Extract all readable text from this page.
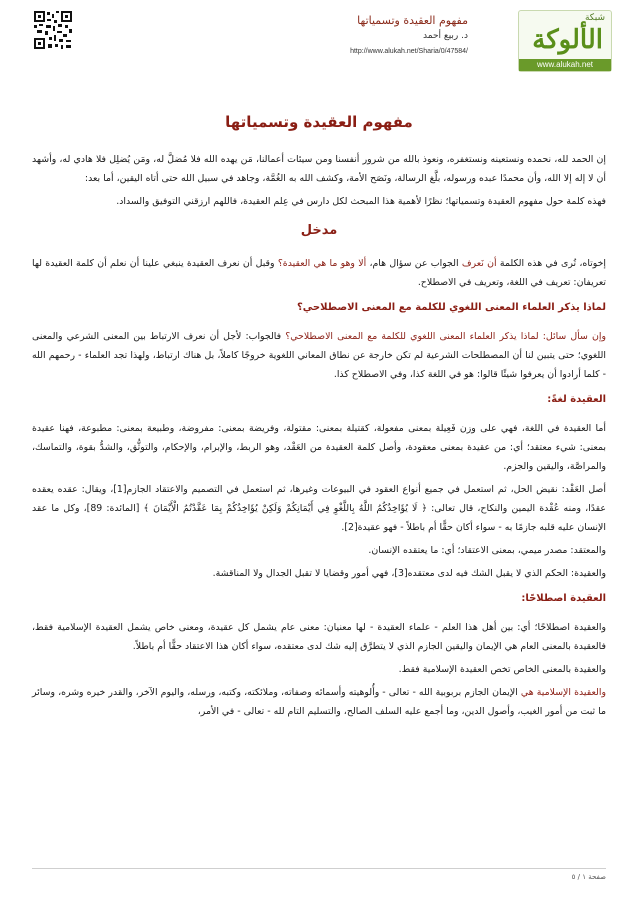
شبكة
الألوكة
www.alukah.net
مفهوم العقيدة وتسمياتها
د. ربيع أحمد
http://www.alukah.net/Sharia/0/47584/
مفهوم العقيدة وتسمياتها

إن الحمد لله، نحمده ونستعينه ونستغفره، ونعوذ بالله من شرور أنفسنا ومن سيئات أعمالنا، مَن يهده الله فلا مُضلَّ له، ومَن يُضلِل فلا هادي له، وأشهد أن لا إله إلا الله، وأن محمدًا عبده ورسوله، بلَّغ الرسالة، ونَصَح الأمة، وكشف الله به الغُمَّة، وجاهد في سبيل الله حتى أتاه اليقين، أما بعد:

فهذه كلمة حول مفهوم العقيدة وتسمياتها؛ نظرًا لأهمية هذا المبحث لكل دارس في عِلم العقيدة، فاللهم ارزقني التوفيق والسداد.

مدخل

إخوتاه، تُرى في هذه الكلمة أن نَعرف الجواب عن سؤال هام، ألا وهو ما هي العقيدة؟ وقبل أن نعرف العقيدة ينبغي علينا أن نعلم أن كلمة العقيدة لها تعريفان: تعريف في اللغة، وتعريف في الاصطلاح.

لماذا يذكر العلماء المعنى اللغوي للكلمة مع المعنى الاصطلاحي؟

وإن سأل سائل: لماذا يذكر العلماء المعنى اللغوي للكلمة مع المعنى الاصطلاحي؟ فالجواب: لأجل أن نعرف الارتباط بين المعنى الشرعي والمعنى اللغوي؛ حتى يتبين لنا أن المصطلحات الشرعية لم تكن خارجة عن نطاق المعاني اللغوية خروجًا كاملاً، بل هناك ارتباط، ولهذا تجد العلماء - رحمهم الله - كلما أرادوا أن يعرفوا شيئًا قالوا: هو في اللغة كذا، وفي الاصطلاح كذا.

العقيدة لغةً:

أما العقيدة في اللغة، فهي على وزن فَعِيلة بمعنى مفعولة، كقتيلة بمعنى: مقتولة، وفريضة بمعنى: مفروضة، وطبيعة بمعنى: مطبوعة، فهنا عقيدة بمعنى: شيء معتقد؛ أي: من عقيدة بمعنى معقودة، وأصل كلمة العقيدة من العَقْد، وهو الربط، والإبرام، والإحكام، والتوثُّق، والشدُّ بقوة، والتماسك، والمراصَّة، واليقين والجزم.

أصل العَقْد: نقيض الحل، ثم استعمل في جميع أنواع العقود في البيوعات وغيرها، ثم استعمل في التصميم والاعتقاد الجازم[1]، ويقال: عقده يعقده عقدًا، ومنه عُقْدة اليمين والنكاح، قال تعالى: ﴿ لَا يُؤَاخِذُكُمُ اللَّهُ بِاللَّغْوِ فِي أَيْمَانِكُمْ وَلَكِنْ يُؤَاخِذُكُمْ بِمَا عَقَّدْتُمُ الْأَيْمَانَ ﴾ [المائدة: 89]، وكل ما عقد الإنسان عليه قلبه جازمًا به - سواء أكان حقًّا أم باطلاً - فهو عقيدة[2].

والمعتقد: مصدر ميمي، بمعنى الاعتقاد؛ أي: ما يعتقده الإنسان.

والعقيدة: الحكم الذي لا يقبل الشك فيه لدى معتقده[3]، فهي أمور وقضايا لا تقبل الجدال ولا المناقشة.

العقيدة اصطلاحًا:

والعقيدة اصطلاحًا؛ أي: بين أهل هذا العلم - علماء العقيدة - لها معنيان: معنى عام يشمل كل عقيدة، ومعنى خاص يشمل العقيدة الإسلامية فقط، فالعقيدة بالمعنى العام هي الإيمان واليقين الجازم الذي لا يتطرَّق إليه شك لدى معتقده، سواء أكان هذا الاعتقاد حقًّا أم باطلاً.

والعقيدة بالمعنى الخاص تخص العقيدة الإسلامية فقط.

والعقيدة الإسلامية هي الإيمان الجازم بربوبية الله - تعالى - وأُلوهيته وأسمائه وصفاته، وملائكته، وكتبه، ورسله، واليوم الآخر، والقدر خيره وشره، وسائر ما ثبت من أمور الغيب، وأصول الدين، وما أجمع عليه السلف الصالح، والتسليم التام لله - تعالى - في الأمر،

صفحة ١ / ٥
